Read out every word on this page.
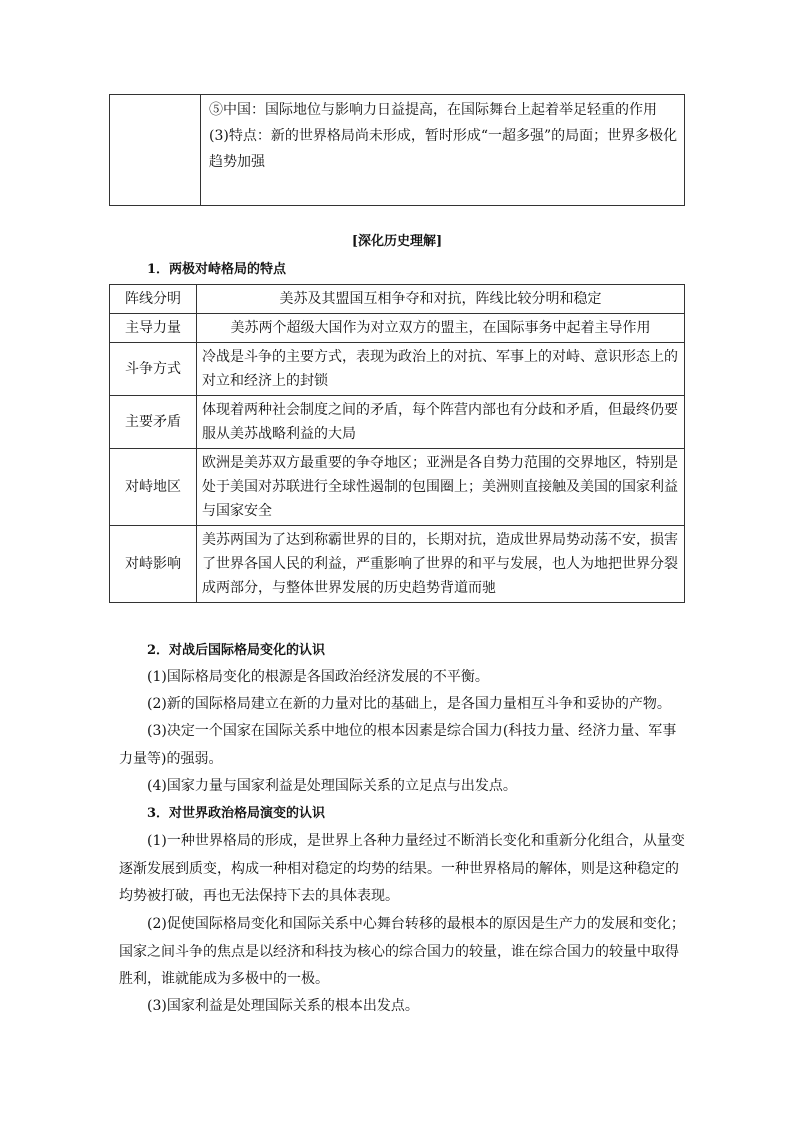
⑤中国：国际地位与影响力日益提高，在国际舞台上起着举足轻重的作用
(3)特点：新的世界格局尚未形成，暂时形成“一超多强”的局面；世界多极化趋势加强
[深化历史理解]
1．两极对峙格局的特点
阵线分明	美苏及其盟国互相争夺和对抗，阵线比较分明和稳定
主导力量	美苏两个超级大国作为对立双方的盟主，在国际事务中起着主导作用
斗争方式	冷战是斗争的主要方式，表现为政治上的对抗、军事上的对峙、意识形态上的对立和经济上的封锁
主要矛盾	体现着两种社会制度之间的矛盾，每个阵营内部也有分歧和矛盾，但最终仍要服从美苏战略利益的大局
对峙地区	欧洲是美苏双方最重要的争夺地区；亚洲是各自势力范围的交界地区，特别是处于美国对苏联进行全球性遏制的包围圈上；美洲则直接触及美国的国家利益与国家安全
对峙影响	美苏两国为了达到称霸世界的目的，长期对抗，造成世界局势动荡不安，损害了世界各国人民的利益，严重影响了世界的和平与发展，也人为地把世界分裂成两部分，与整体世界发展的历史趋势背道而驰
2．对战后国际格局变化的认识
(1)国际格局变化的根源是各国政治经济发展的不平衡。
(2)新的国际格局建立在新的力量对比的基础上，是各国力量相互斗争和妥协的产物。
(3)决定一个国家在国际关系中地位的根本因素是综合国力(科技力量、经济力量、军事力量等)的强弱。
(4)国家力量与国家利益是处理国际关系的立足点与出发点。
3．对世界政治格局演变的认识
(1)一种世界格局的形成，是世界上各种力量经过不断消长变化和重新分化组合，从量变逐渐发展到质变，构成一种相对稳定的均势的结果。一种世界格局的解体，则是这种稳定的均势被打破，再也无法保持下去的具体表现。
(2)促使国际格局变化和国际关系中心舞台转移的最根本的原因是生产力的发展和变化；国家之间斗争的焦点是以经济和科技为核心的综合国力的较量，谁在综合国力的较量中取得胜利，谁就能成为多极中的一极。
(3)国家利益是处理国际关系的根本出发点。
